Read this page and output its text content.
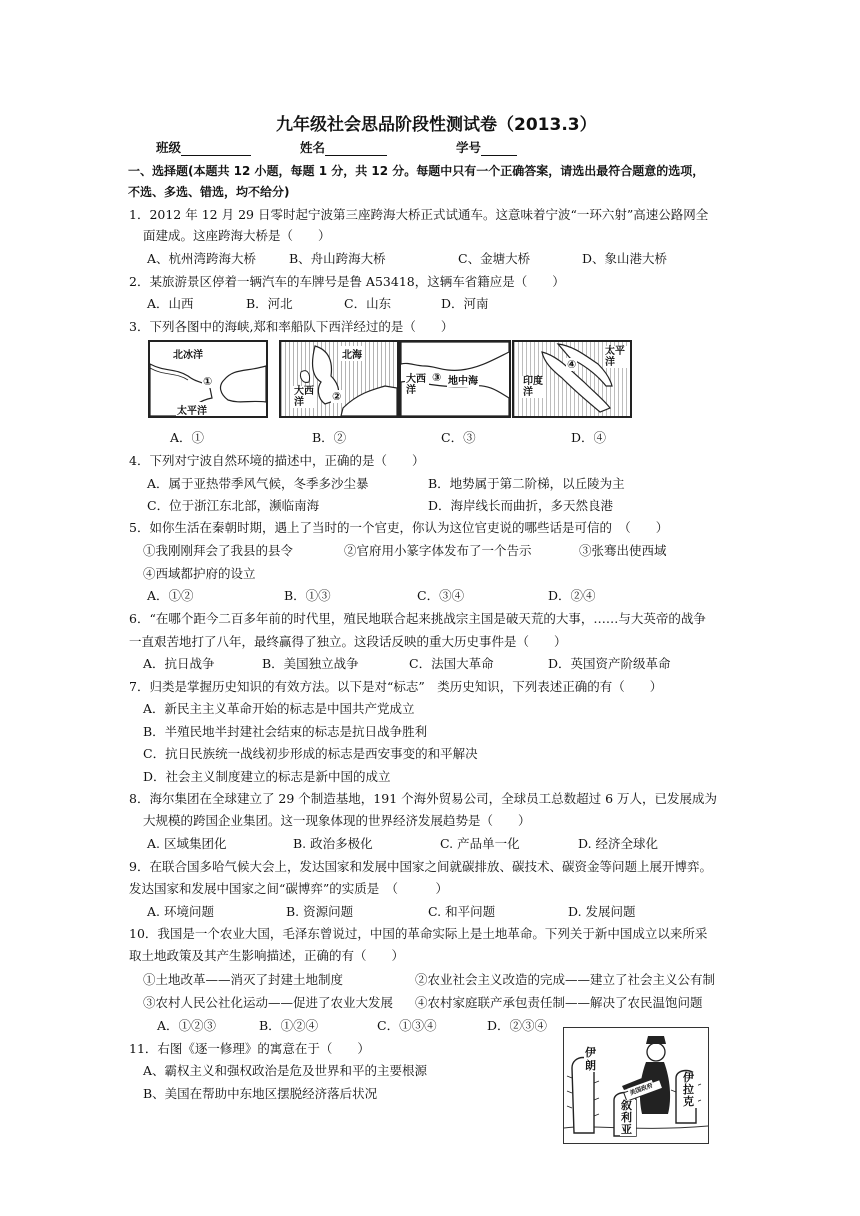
九年级社会思品阶段性测试卷（2013.3）
班级	姓名	学号
一、选择题(本题共 12 小题，每题 1 分，共 12 分。每题中只有一个正确答案，请选出最符合题意的选项，
不选、多选、错选，均不给分)
1．2012 年 12 月 29 日零时起宁波第三座跨海大桥正式试通车。这意味着宁波“一环六射”高速公路网全
面建成。这座跨海大桥是（　　）
A、杭州湾跨海大桥	B、舟山跨海大桥	C、金塘大桥	D、象山港大桥
2．某旅游景区停着一辆汽车的车牌号是鲁 A53418，这辆车省籍应是（　　）
A．山西	B．河北	C．山东	D．河南
3．下列各图中的海峡,郑和率船队下西洋经过的是（　　）
北冰洋
太平洋
①
北海
大西洋	②
大西洋
地中海
③
太平洋
印度洋
④
A．①	B．②	C．③	D．④
4．下列对宁波自然环境的描述中，正确的是（　　）
A．属于亚热带季风气候，冬季多沙尘暴	B．地势属于第二阶梯，以丘陵为主
C．位于浙江东北部，濒临南海	D．海岸线长而曲折，多天然良港
5．如你生活在秦朝时期，遇上了当时的一个官吏，你认为这位官吏说的哪些话是可信的　（　　）
①我刚刚拜会了我县的县令	②官府用小篆字体发布了一个告示	③张骞出使西域
④西域都护府的设立
A．①②	B．①③	C．③④	D．②④
6．“在哪个距今二百多年前的时代里，殖民地联合起来挑战宗主国是破天荒的大事，……与大英帝的战争
一直艰苦地打了八年，最终赢得了独立。这段话反映的重大历史事件是（　　）
A．抗日战争	B．美国独立战争	C．法国大革命	D．英国资产阶级革命
7．归类是掌握历史知识的有效方法。以下是对“标志”　类历史知识，下列表述正确的有（　　）
A．新民主主义革命开始的标志是中国共产党成立
B．半殖民地半封建社会结束的标志是抗日战争胜利
C．抗日民族统一战线初步形成的标志是西安事变的和平解决
D．社会主义制度建立的标志是新中国的成立
8．海尔集团在全球建立了 29 个制造基地，191 个海外贸易公司，全球员工总数超过 6 万人，已发展成为
大规模的跨国企业集团。这一现象体现的世界经济发展趋势是（　　）
A. 区域集团化	B. 政治多极化	C. 产品单一化	D. 经济全球化
9．在联合国多哈气候大会上，发达国家和发展中国家之间就碳排放、碳技术、碳资金等问题上展开博弈。
发达国家和发展中国家之间“碳博弈”的实质是　（　　　）
A. 环境问题	B. 资源问题	C. 和平问题	D. 发展问题
10．我国是一个农业大国，毛泽东曾说过，中国的革命实际上是土地革命。下列关于新中国成立以来所采
取土地政策及其产生影响描述，正确的有（　　）
①土地改革——消灭了封建土地制度	②农业社会主义改造的完成——建立了社会主义公有制
③农村人民公社化运动——促进了农业大发展 ④农村家庭联产承包责任制——解决了农民温饱问题
A．①②③	B．①②④	C．①③④	D．②③④
11．右图《逐一修理》的寓意在于（　　）
A、霸权主义和强权政治是危及世界和平的主要根源
B、美国在帮助中东地区摆脱经济落后状况
伊朗
伊拉克
叙利亚
美国政府
